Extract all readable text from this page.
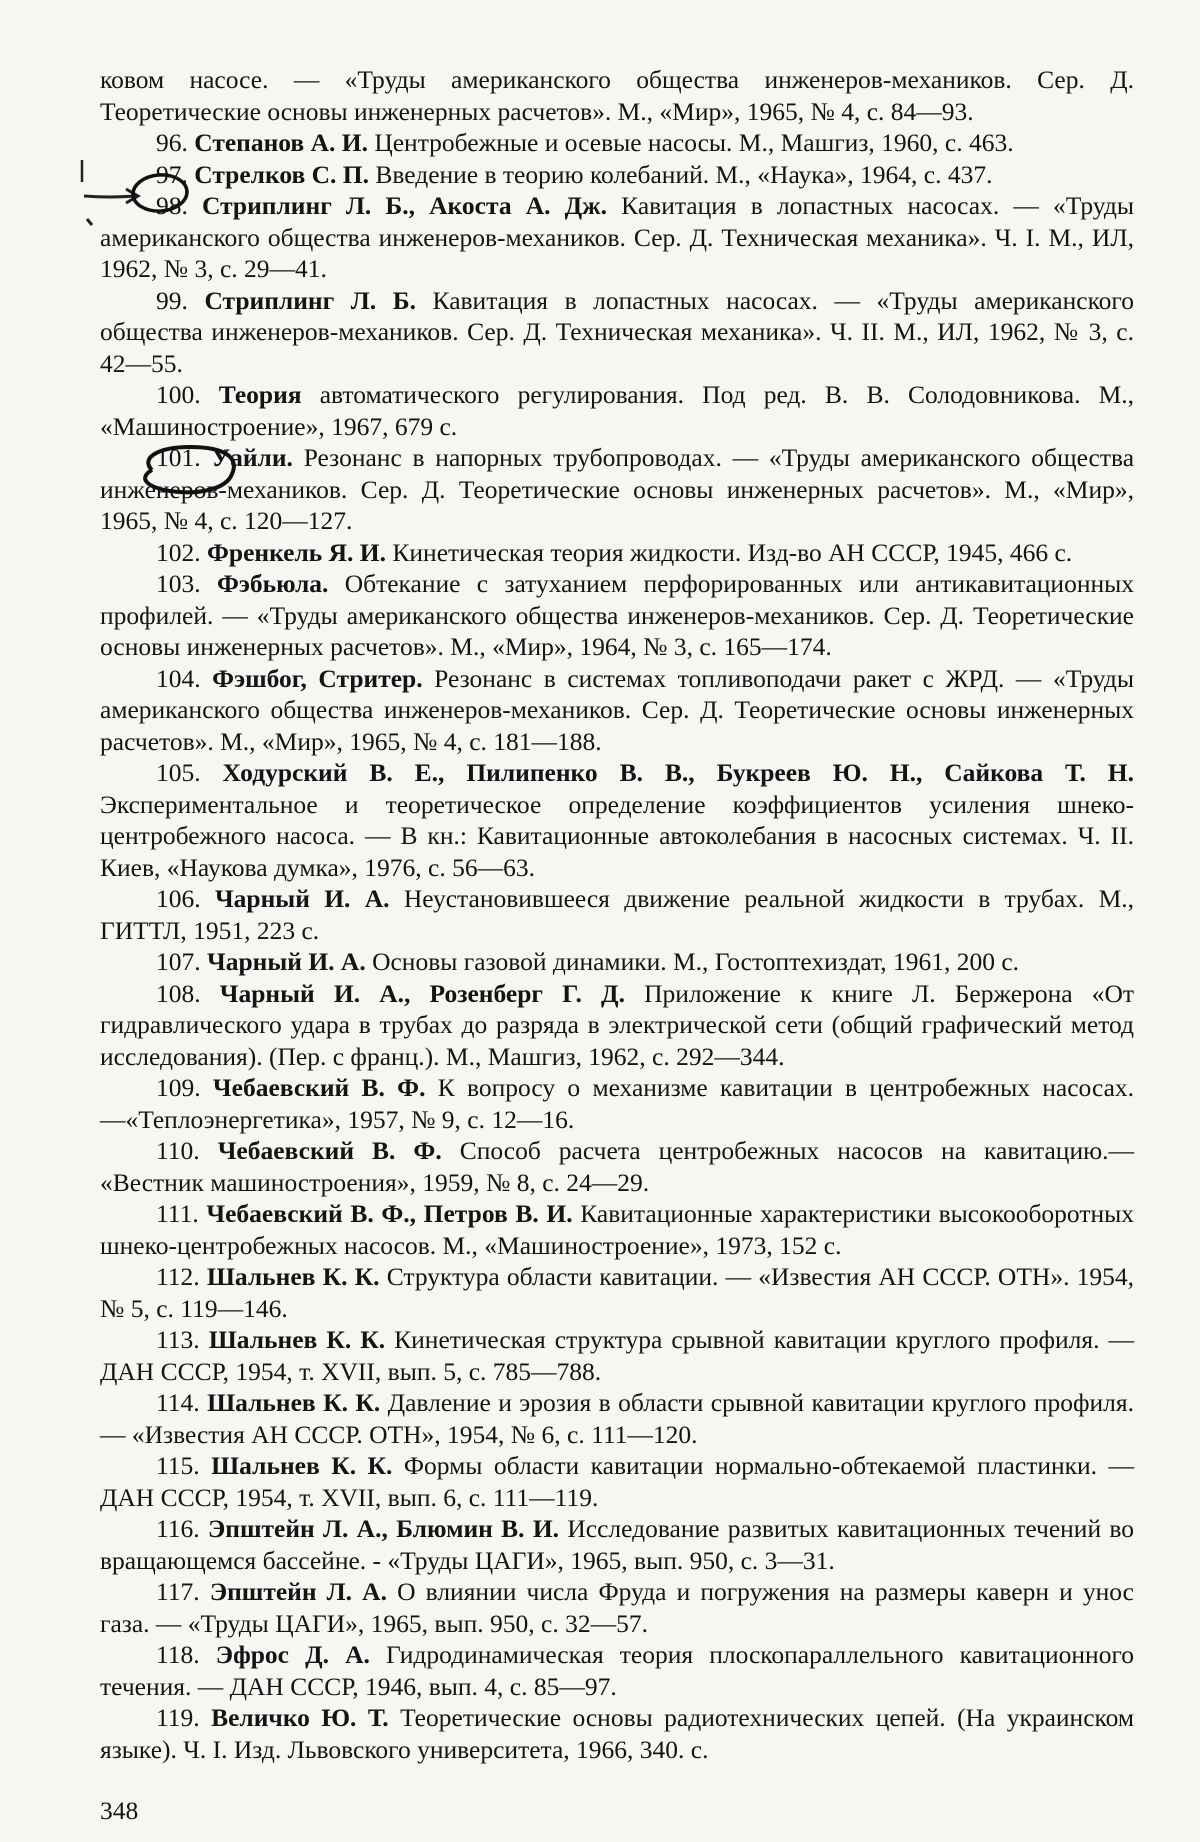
ковом насосе. — «Труды американского общества инженеров-механиков. Сер. Д. Теоретические основы инженерных расчетов». М., «Мир», 1965, № 4, с. 84—93.

96. Степанов А. И. Центробежные и осевые насосы. М., Машгиз, 1960, с. 463.

97. Стрелков С. П. Введение в теорию колебаний. М., «Наука», 1964, с. 437.

98. Стриплинг Л. Б., Акоста А. Дж. Кавитация в лопастных насосах. — «Труды американского общества инженеров-механиков. Сер. Д. Техническая механика». Ч. I. М., ИЛ, 1962, № 3, с. 29—41.

99. Стриплинг Л. Б. Кавитация в лопастных насосах. — «Труды американского общества инженеров-механиков. Сер. Д. Техническая механика». Ч. II. М., ИЛ, 1962, № 3, с. 42—55.

100. Теория автоматического регулирования. Под ред. В. В. Солодовникова. М., «Машиностроение», 1967, 679 с.

101. Уайли. Резонанс в напорных трубопроводах. — «Труды американского общества инженеров-механиков. Сер. Д. Теоретические основы инженерных расчетов». М., «Мир», 1965, № 4, с. 120—127.

102. Френкель Я. И. Кинетическая теория жидкости. Изд-во АН СССР, 1945, 466 с.

103. Фэбьюла. Обтекание с затуханием перфорированных или антикавитационных профилей. — «Труды американского общества инженеров-механиков. Сер. Д. Теоретические основы инженерных расчетов». М., «Мир», 1964, № 3, с. 165—174.

104. Фэшбог, Стритер. Резонанс в системах топливоподачи ракет с ЖРД. — «Труды американского общества инженеров-механиков. Сер. Д. Теоретические основы инженерных расчетов». М., «Мир», 1965, № 4, с. 181—188.

105. Ходурский В. Е., Пилипенко В. В., Букреев Ю. Н., Сайкова Т. Н. Экспериментальное и теоретическое определение коэффициентов усиления шнеко-центробежного насоса. — В кн.: Кавитационные автоколебания в насосных системах. Ч. II. Киев, «Наукова думка», 1976, с. 56—63.

106. Чарный И. А. Неустановившееся движение реальной жидкости в трубах. М., ГИТТЛ, 1951, 223 с.

107. Чарный И. А. Основы газовой динамики. М., Гостоптехиздат, 1961, 200 с.

108. Чарный И. А., Розенберг Г. Д. Приложение к книге Л. Бержерона «От гидравлического удара в трубах до разряда в электрической сети (общий графический метод исследования). (Пер. с франц.). М., Машгиз, 1962, с. 292—344.

109. Чебаевский В. Ф. К вопросу о механизме кавитации в центробежных насосах.—«Теплоэнергетика», 1957, № 9, с. 12—16.

110. Чебаевский В. Ф. Способ расчета центробежных насосов на кавитацию.— «Вестник машиностроения», 1959, № 8, с. 24—29.

111. Чебаевский В. Ф., Петров В. И. Кавитационные характеристики высокооборотных шнеко-центробежных насосов. М., «Машиностроение», 1973, 152 с.

112. Шальнев К. К. Структура области кавитации. — «Известия АН СССР. ОТН». 1954, № 5, с. 119—146.

113. Шальнев К. К. Кинетическая структура срывной кавитации круглого профиля. — ДАН СССР, 1954, т. XVII, вып. 5, с. 785—788.

114. Шальнев К. К. Давление и эрозия в области срывной кавитации круглого профиля. — «Известия АН СССР. ОТН», 1954, № 6, с. 111—120.

115. Шальнев К. К. Формы области кавитации нормально-обтекаемой пластинки. — ДАН СССР, 1954, т. XVII, вып. 6, с. 111—119.

116. Эпштейн Л. А., Блюмин В. И. Исследование развитых кавитационных течений во вращающемся бассейне. - «Труды ЦАГИ», 1965, вып. 950, с. 3—31.

117. Эпштейн Л. А. О влиянии числа Фруда и погружения на размеры каверн и унос газа. — «Труды ЦАГИ», 1965, вып. 950, с. 32—57.

118. Эфрос Д. А. Гидродинамическая теория плоскопараллельного кавитационного течения. — ДАН СССР, 1946, вып. 4, с. 85—97.

119. Величко Ю. Т. Теоретические основы радиотехнических цепей. (На украинском языке). Ч. I. Изд. Львовского университета, 1966, 340. с.

348
